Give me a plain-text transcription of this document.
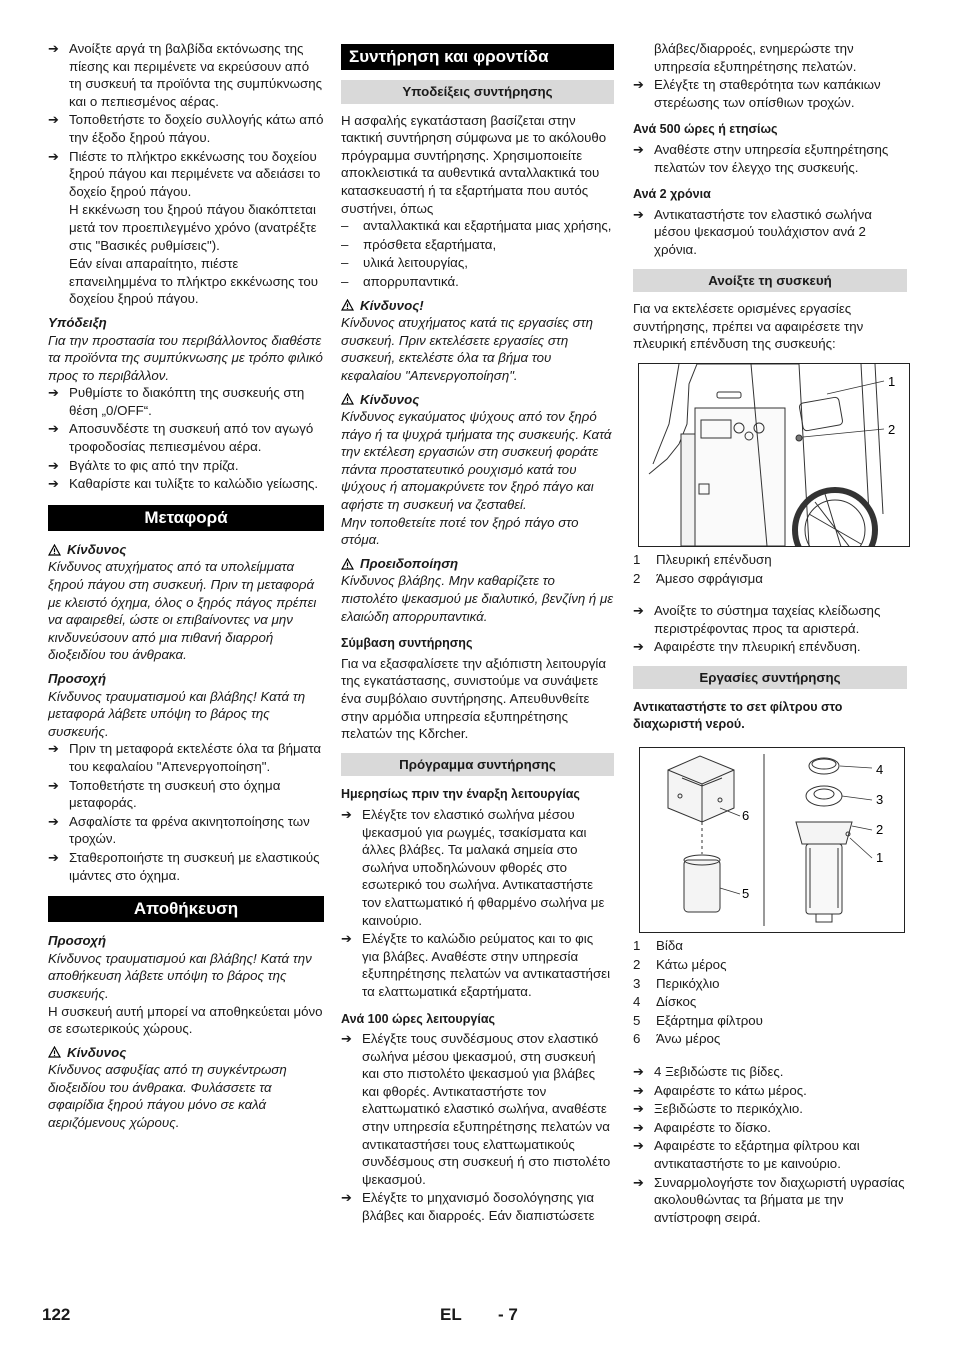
➔ Ανοίξτε αργά τη βαλβίδα εκτόνωσης της πίεσης και περιμένετε να εκρεύσουν από τη συσκευή τα προϊόντα της συμπύκνωσης και ο πεπιεσμένος αέρας.
➔ Τοποθετήστε το δοχείο συλλογής κάτω από την έξοδο ξηρού πάγου.
➔ Πιέστε το πλήκτρο εκκένωσης του δοχείου ξηρού πάγου και περιμένετε να αδειάσει το δοχείο ξηρού πάγου.

Η εκκένωση του ξηρού πάγου διακόπτεται μετά τον προεπιλεγμένο χρόνο (ανατρέξτε στις "Βασικές ρυθμίσεις").

Εάν είναι απαραίτητο, πιέστε επανειλημμένα το πλήκτρο εκκένωσης του δοχείου ξηρού πάγου.

Υπόδειξη

Για την προστασία του περιβάλλοντος διαθέστε τα προϊόντα της συμπύκνωσης με τρόπο φιλικό προς το περιβάλλον.

➔ Ρυθμίστε το διακόπτη της συσκευής στη θέση „0/OFF“.
➔ Αποσυνδέστε τη συσκευή από τον αγωγό τροφοδοσίας πεπιεσμένου αέρα.
➔ Βγάλτε το φις από την πρίζα.
➔ Καθαρίστε και τυλίξτε το καλώδιο γείωσης.
Μεταφορά
Κίνδυνος

Κίνδυνος ατυχήματος από τα υπολείμματα ξηρού πάγου στη συσκευή. Πριν τη μεταφορά με κλειστό όχημα, όλος ο ξηρός πάγος πρέπει να αφαιρεθεί, ώστε οι επιβαίνοντες να μην κινδυνεύσουν από μια πιθανή διαρροή διοξειδίου του άνθρακα.

Προσοχή

Κίνδυνος τραυματισμού και βλάβης! Κατά τη μεταφορά λάβετε υπόψη το βάρος της συσκευής.

➔ Πριν τη μεταφορά εκτελέστε όλα τα βήματα του κεφαλαίου "Απενεργοποίηση".
➔ Τοποθετήστε τη συσκευή στο όχημα μεταφοράς.
➔ Ασφαλίστε τα φρένα ακινητοποίησης των τροχών.
➔ Σταθεροποιήστε τη συσκευή με ελαστικούς ιμάντες στο όχημα.
Αποθήκευση

Προσοχή

Κίνδυνος τραυματισμού και βλάβης! Κατά την αποθήκευση λάβετε υπόψη το βάρος της συσκευής.

Η συσκευή αυτή μπορεί να αποθηκεύεται μόνο σε εσωτερικούς χώρους.

Κίνδυνος

Κίνδυνος ασφυξίας από τη συγκέντρωση διοξειδίου του άνθρακα. Φυλάσσετε τα σφαιρίδια ξηρού πάγου μόνο σε καλά αεριζόμενους χώρους.

Συντήρηση και φροντίδα
Υποδείξεις συντήρησης

Η ασφαλής εγκατάσταση βασίζεται στην τακτική συντήρηση σύμφωνα με το ακόλουθο πρόγραμμα συντήρησης. Χρησιμοποιείτε αποκλειστικά τα αυθεντικά ανταλλακτικά του κατασκευαστή ή τα εξαρτήματα που αυτός συστήνει, όπως

–	ανταλλακτικά και εξαρτήματα μιας χρήσης,
–	πρόσθετα εξαρτήματα,
–	υλικά λειτουργίας,
–	απορρυπαντικά.
Κίνδυνος!

Κίνδυνος ατυχήματος κατά τις εργασίες στη συσκευή. Πριν εκτελέσετε εργασίες στη συσκευή, εκτελέστε όλα τα βήμα του κεφαλαίου "Απενεργοποίηση".

Κίνδυνος

Κίνδυνος εγκαύματος ψύχους από τον ξηρό πάγο ή τα ψυχρά τμήματα της συσκευής. Κατά την εκτέλεση εργασιών στη συσκευή φοράτε πάντα προστατευτικό ρουχισμό κατά του ψύχους ή απομακρύνετε τον ξηρό πάγο και αφήστε τη συσκευή να ζεσταθεί.

Μην τοποθετείτε ποτέ τον ξηρό πάγο στο στόμα.

Προειδοποίηση

Κίνδυνος βλάβης. Μην καθαρίζετε το πιστολέτο ψεκασμού με διαλυτικό, βενζίνη ή με ελαιώδη απορρυπαντικά.

Σύμβαση συντήρησης

Για να εξασφαλίσετε την αξιόπιστη λειτουργία της εγκατάστασης, συνιστούμε να συνάψετε ένα συμβόλαιο συντήρησης. Απευθυνθείτε στην αρμόδια υπηρεσία εξυπηρέτησης πελατών της Kδrcher.

Πρόγραμμα συντήρησης

Ημερησίως πριν την έναρξη λειτουργίας

➔ Ελέγξτε τον ελαστικό σωλήνα μέσου ψεκασμού για ρωγμές, τσακίσματα και άλλες βλάβες. Τα μαλακά σημεία στο σωλήνα υποδηλώνουν φθορές στο εσωτερικό του σωλήνα. Αντικαταστήστε τον ελαττωματικό ή φθαρμένο σωλήνα με καινούριο.
➔ Ελέγξτε το καλώδιο ρεύματος και το φις για βλάβες. Αναθέστε στην υπηρεσία εξυπηρέτησης πελατών να αντικαταστήσει τα ελαττωματικά εξαρτήματα.

Ανά 100 ώρες λειτουργίας

➔ Ελέγξτε τους συνδέσμους στον ελαστικό σωλήνα μέσου ψεκασμού, στη συσκευή και στο πιστολέτο ψεκασμού για βλάβες και φθορές. Αντικαταστήστε τον ελαττωματικό ελαστικό σωλήνα, αναθέστε στην υπηρεσία εξυπηρέτησης πελατών να αντικαταστήσει τους ελαττωματικούς συνδέσμους στη συσκευή ή στο πιστολέτο ψεκασμού.
➔ Ελέγξτε το μηχανισμό δοσολόγησης για βλάβες και διαρροές. Εάν διαπιστώσετε

βλάβες/διαρροές, ενημερώστε την υπηρεσία εξυπηρέτησης πελατών.

➔ Ελέγξτε τη σταθερότητα των καπάκιων στερέωσης των οπίσθιων τροχών.

Ανά 500 ώρες ή ετησίως

➔ Αναθέστε στην υπηρεσία εξυπηρέτησης πελατών τον έλεγχο της συσκευής.

Ανά 2 χρόνια

➔ Αντικαταστήστε τον ελαστικό σωλήνα μέσου ψεκασμού τουλάχιστον ανά 2 χρόνια.
Ανοίξτε τη συσκευή

Για να εκτελέσετε ορισμένες εργασίες συντήρησης, πρέπει να αφαιρέσετε την πλευρική επένδυση της συσκευής:

1
2
1	Πλευρική επένδυση
2	Άμεσο σφράγισμα
➔ Ανοίξτε το σύστημα ταχείας κλείδωσης περιστρέφοντας προς τα αριστερά.
➔ Αφαιρέστε την πλευρική επένδυση.
Εργασίες συντήρησης

Αντικαταστήστε το σετ φίλτρου στο διαχωριστή νερού.

4
3
2
1
6
5
1	Βίδα
2	Κάτω μέρος
3	Περικόχλιο
4	Δίσκος
5	Εξάρτημα φίλτρου
6	Άνω μέρος
➔ 4 Ξεβιδώστε τις βίδες.
➔ Αφαιρέστε το κάτω μέρος.
➔ Ξεβιδώστε το περικόχλιο.
➔ Αφαιρέστε το δίσκο.
➔ Αφαιρέστε το εξάρτημα φίλτρου και αντικαταστήστε το με καινούριο.
➔ Συναρμολογήστε τον διαχωριστή υγρασίας ακολουθώντας τα βήματα με την αντίστροφη σειρά.
122	EL - 7
